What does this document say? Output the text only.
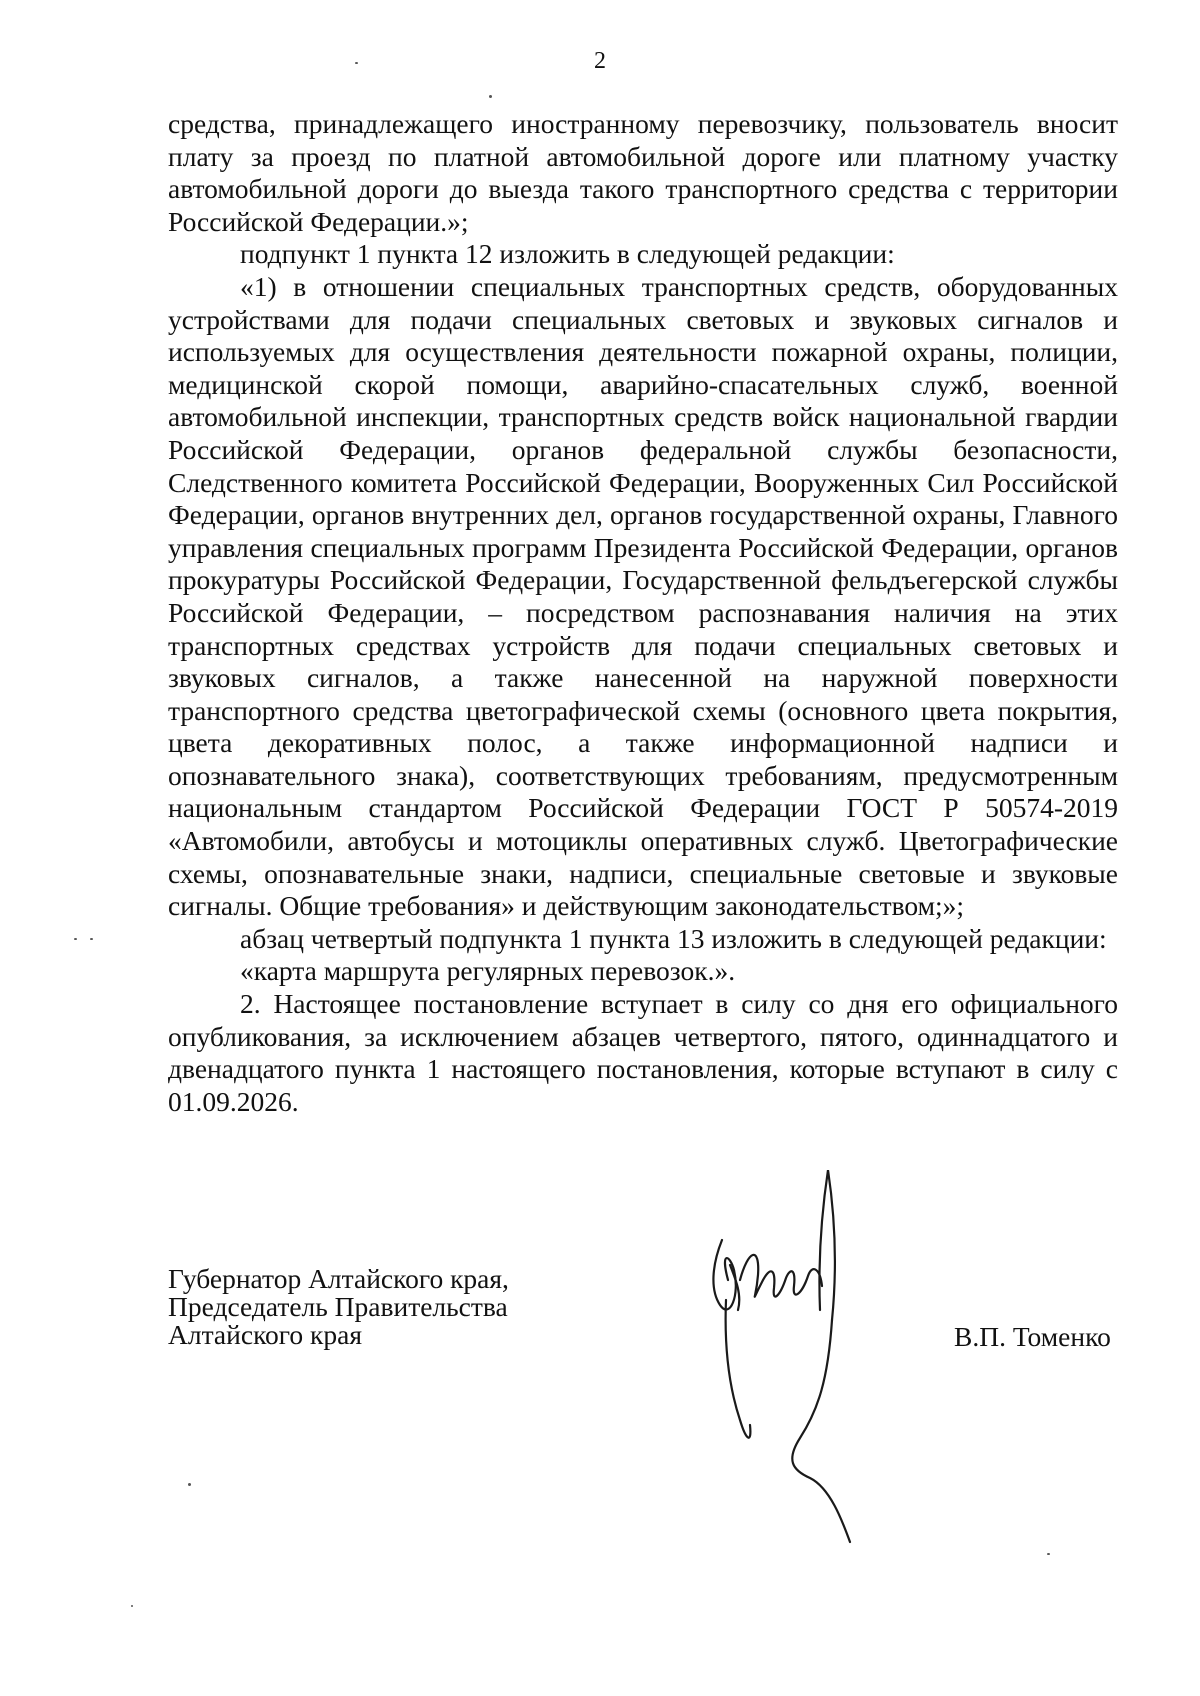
2

средства, принадлежащего иностранному перевозчику, пользователь вносит плату за проезд по платной автомобильной дороге или платному участку автомобильной дороги до выезда такого транспортного средства с территории Российской Федерации.»;

подпункт 1 пункта 12 изложить в следующей редакции:

«1) в отношении специальных транспортных средств, оборудованных устройствами для подачи специальных световых и звуковых сигналов и используемых для осуществления деятельности пожарной охраны, полиции, медицинской скорой помощи, аварийно-спасательных служб, военной автомобильной инспекции, транспортных средств войск национальной гвардии Российской Федерации, органов федеральной службы безопасности, Следственного комитета Российской Федерации, Вооруженных Сил Российской Федерации, органов внутренних дел, органов государственной охраны, Главного управления специальных программ Президента Российской Федерации, органов прокуратуры Российской Федерации, Государственной фельдъегерской службы Российской Федерации, – посредством распознавания наличия на этих транспортных средствах устройств для подачи специальных световых и звуковых сигналов, а также нанесенной на наружной поверхности транспортного средства цветографической схемы (основного цвета покрытия, цвета декоративных полос, а также информационной надписи и опознавательного знака), соответствующих требованиям, предусмотренным национальным стандартом Российской Федерации ГОСТ Р 50574-2019 «Автомобили, автобусы и мотоциклы оперативных служб. Цветографические схемы, опознавательные знаки, надписи, специальные световые и звуковые сигналы. Общие требования» и действующим законодательством;»;

абзац четвертый подпункта 1 пункта 13 изложить в следующей редакции:

«карта маршрута регулярных перевозок.».

2. Настоящее постановление вступает в силу со дня его официального опубликования, за исключением абзацев четвертого, пятого, одиннадцатого и двенадцатого пункта 1 настоящего постановления, которые вступают в силу с 01.09.2026.

Губернатор Алтайского края,
Председатель Правительства
Алтайского края	В.П. Томенко
